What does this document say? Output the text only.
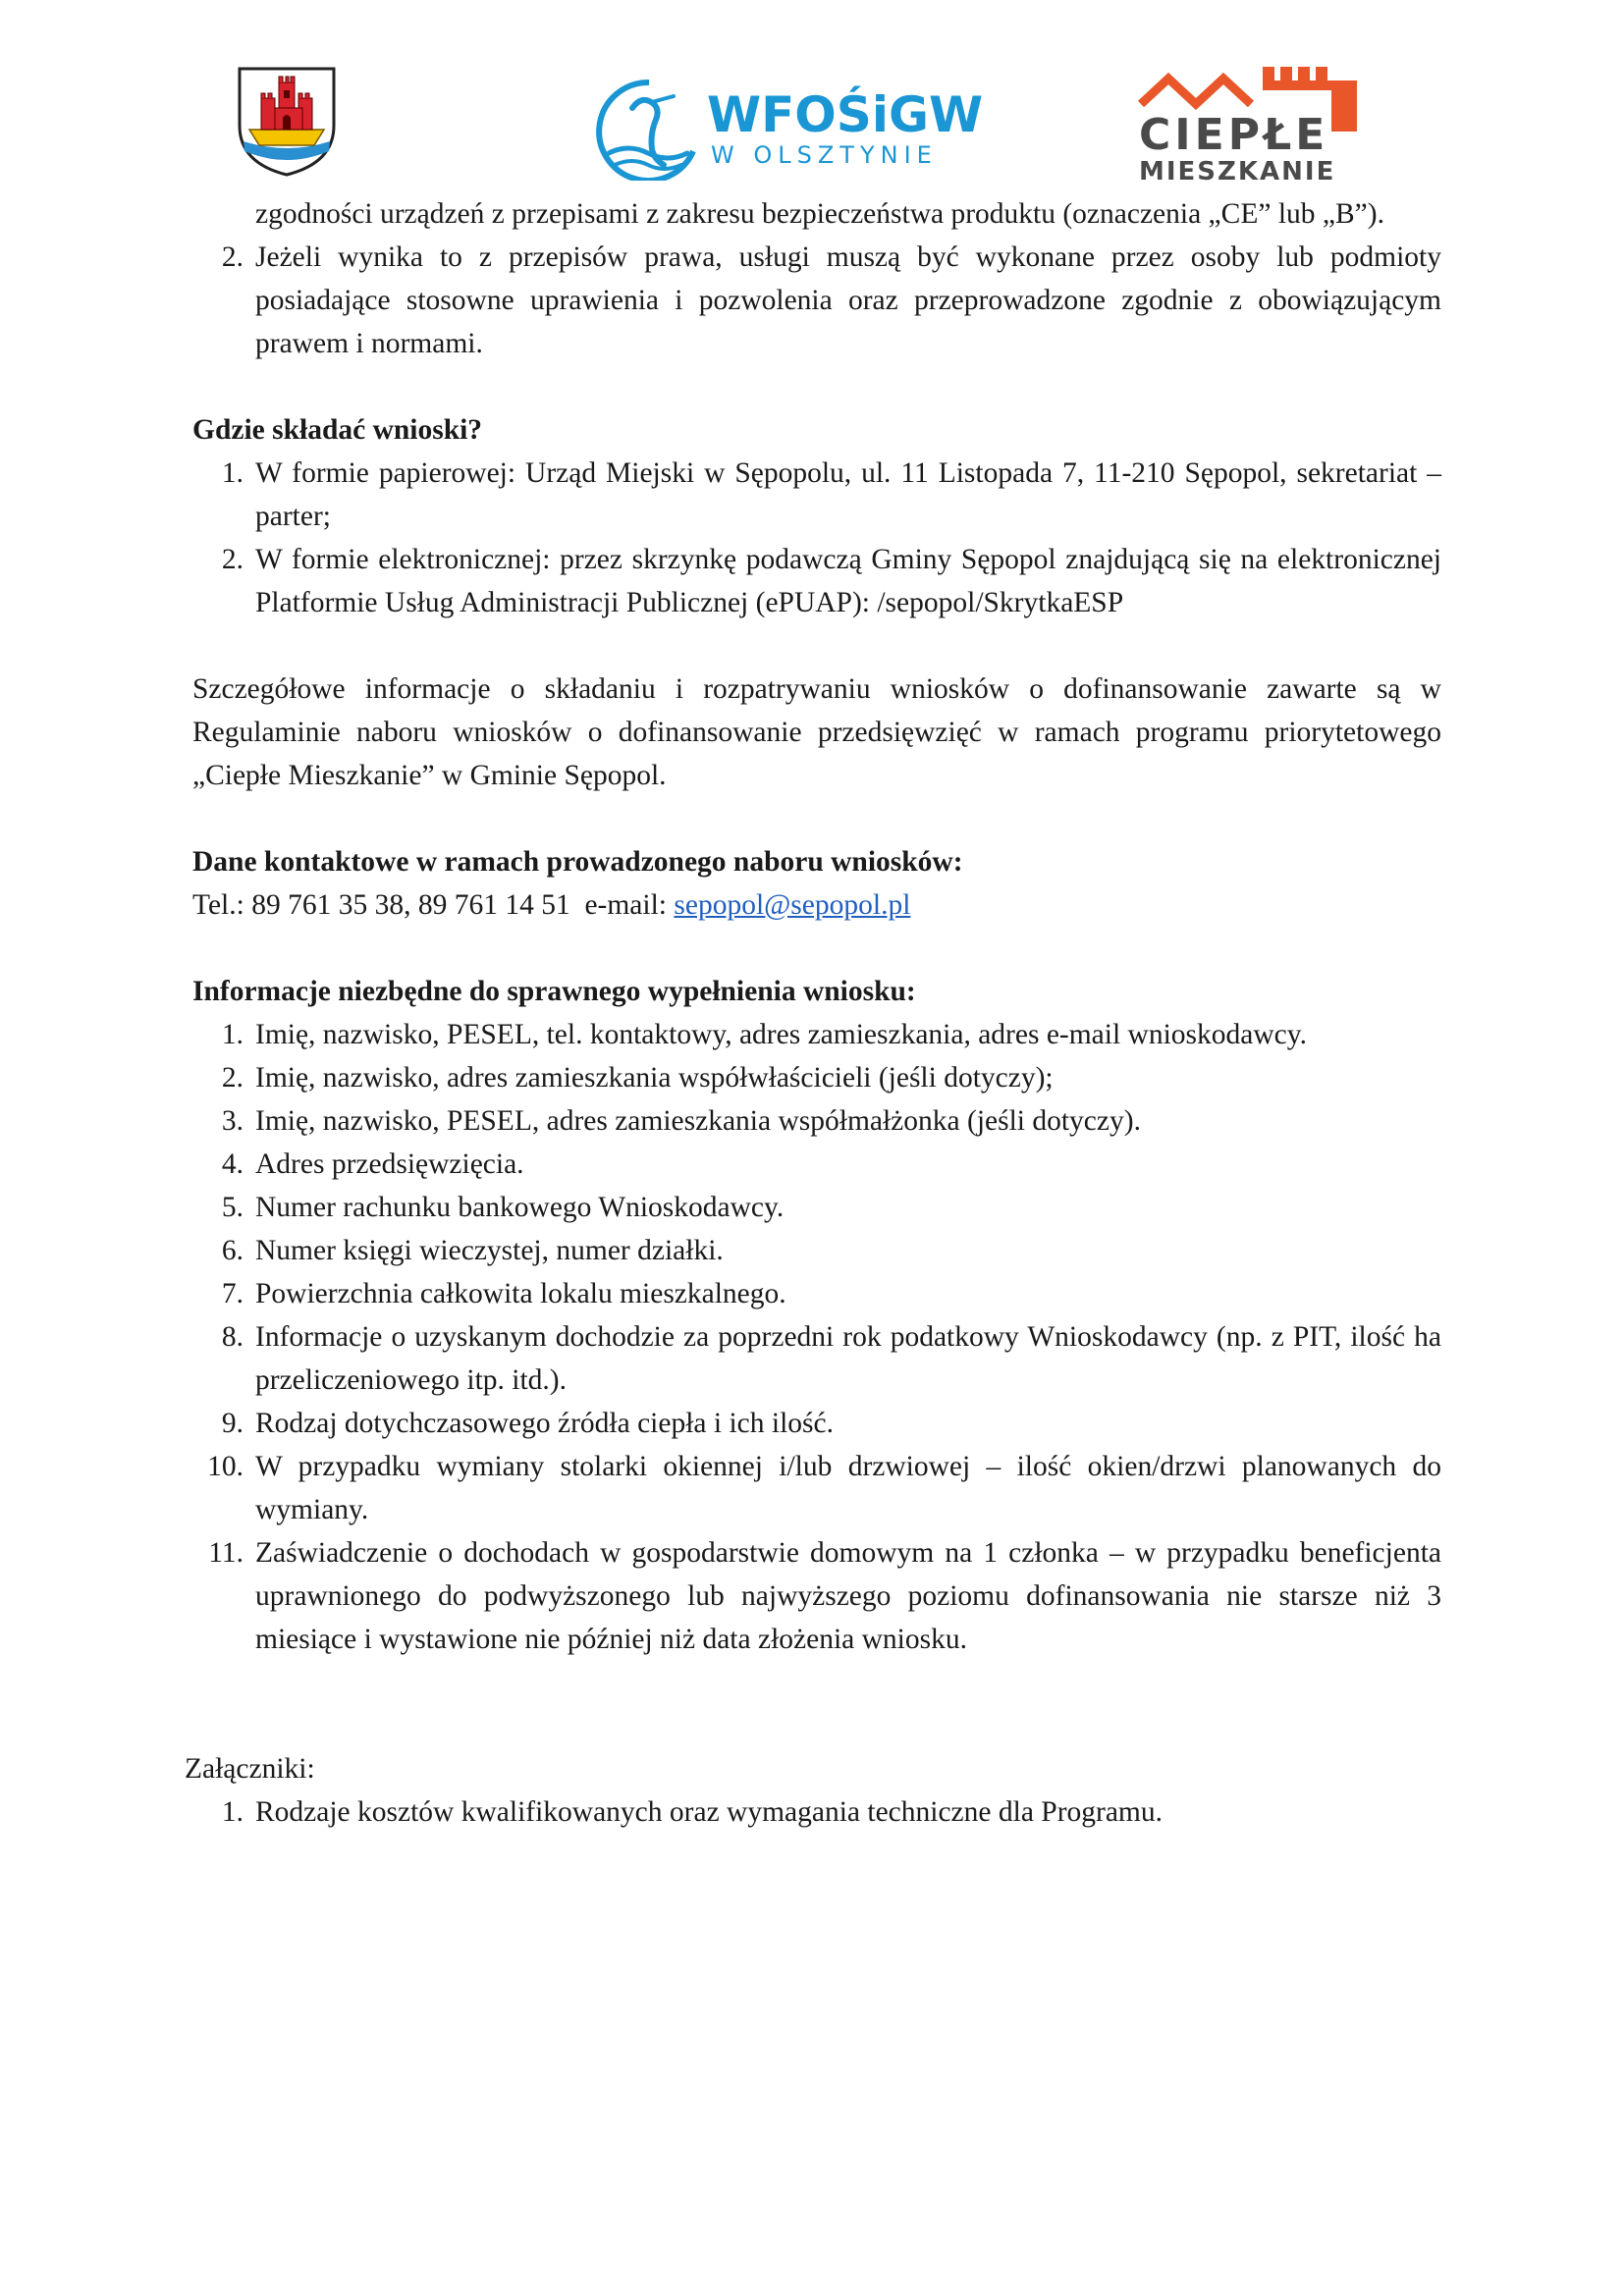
WFOŚiGW
W OLSZTYNIE	CIEPŁE
MIESZKANIE

zgodności urządzeń z przepisami z zakresu bezpieczeństwa produktu (oznaczenia „CE” lub „B”).

2. Jeżeli wynika to z przepisów prawa, usługi muszą być wykonane przez osoby lub podmioty posiadające stosowne uprawienia i pozwolenia oraz przeprowadzone zgodnie z obowiązującym prawem i normami.

Gdzie składać wnioski?

1. W formie papierowej: Urząd Miejski w Sępopolu, ul. 11 Listopada 7, 11-210 Sępopol, sekretariat – parter;
2. W formie elektronicznej: przez skrzynkę podawczą Gminy Sępopol znajdującą się na elektronicznej Platformie Usług Administracji Publicznej (ePUAP): /sepopol/SkrytkaESP

Szczegółowe informacje o składaniu i rozpatrywaniu wniosków o dofinansowanie zawarte są w Regulaminie naboru wniosków o dofinansowanie przedsięwzięć w ramach programu priorytetowego „Ciepłe Mieszkanie” w Gminie Sępopol.

Dane kontaktowe w ramach prowadzonego naboru wniosków:

Tel.: 89 761 35 38, 89 761 14 51  e-mail: sepopol@sepopol.pl

Informacje niezbędne do sprawnego wypełnienia wniosku:

1. Imię, nazwisko, PESEL, tel. kontaktowy, adres zamieszkania, adres e-mail wnioskodawcy.
2. Imię, nazwisko, adres zamieszkania współwłaścicieli (jeśli dotyczy);
3. Imię, nazwisko, PESEL, adres zamieszkania współmałżonka (jeśli dotyczy).
4. Adres przedsięwzięcia.
5. Numer rachunku bankowego Wnioskodawcy.
6. Numer księgi wieczystej, numer działki.
7. Powierzchnia całkowita lokalu mieszkalnego.
8. Informacje o uzyskanym dochodzie za poprzedni rok podatkowy Wnioskodawcy (np. z PIT, ilość ha przeliczeniowego itp. itd.).
9. Rodzaj dotychczasowego źródła ciepła i ich ilość.
10. W przypadku wymiany stolarki okiennej i/lub drzwiowej – ilość okien/drzwi planowanych do wymiany.
11. Zaświadczenie o dochodach w gospodarstwie domowym na 1 członka – w przypadku beneficjenta uprawnionego do podwyższonego lub najwyższego poziomu dofinansowania nie starsze niż 3 miesiące i wystawione nie później niż data złożenia wniosku.

Załączniki:

1. Rodzaje kosztów kwalifikowanych oraz wymagania techniczne dla Programu.
